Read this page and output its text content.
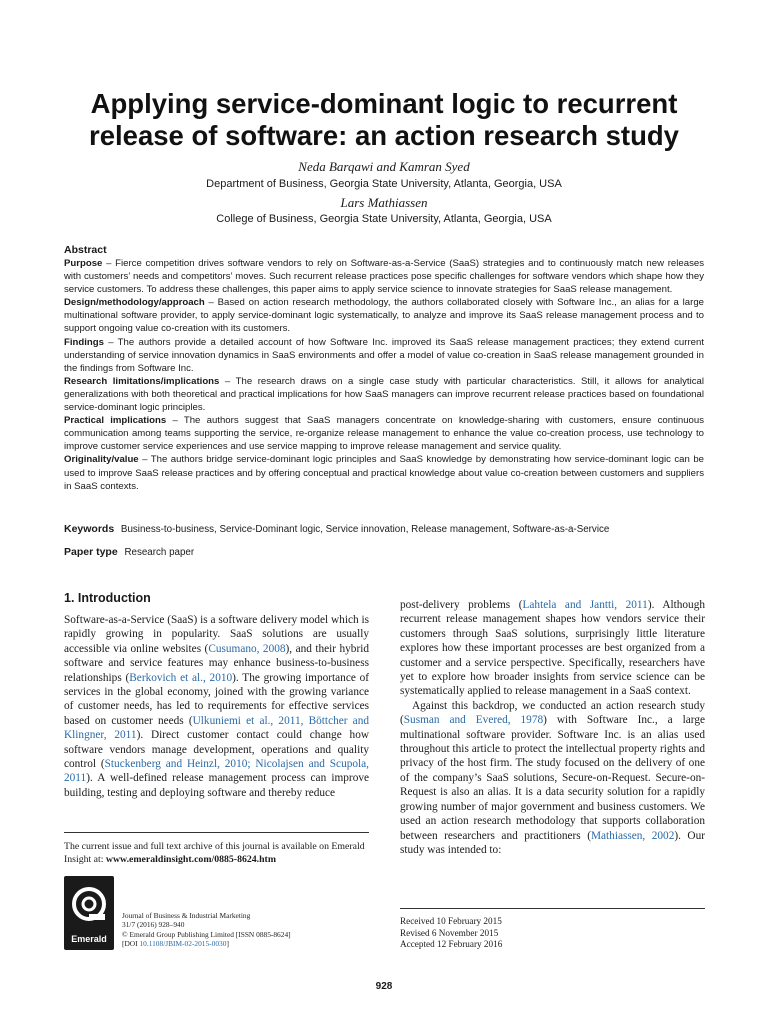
Applying service-dominant logic to recurrent
release of software: an action research study
Neda Barqawi and Kamran Syed
Department of Business, Georgia State University, Atlanta, Georgia, USA
Lars Mathiassen
College of Business, Georgia State University, Atlanta, Georgia, USA
Abstract

Purpose – Fierce competition drives software vendors to rely on Software-as-a-Service (SaaS) strategies and to continuously match new releases with customers’ needs and competitors’ moves. Such recurrent release practices pose specific challenges for software vendors which shape how they service customers. To address these challenges, this paper aims to apply service science to innovate strategies for SaaS release management.

Design/methodology/approach – Based on action research methodology, the authors collaborated closely with Software Inc., an alias for a large multinational software provider, to apply service-dominant logic systematically, to analyze and improve its SaaS release management process and to support ongoing value co-creation with its customers.

Findings – The authors provide a detailed account of how Software Inc. improved its SaaS release management practices; they extend current understanding of service innovation dynamics in SaaS environments and offer a model of value co-creation in SaaS release management grounded in the findings from Software Inc.

Research limitations/implications – The research draws on a single case study with particular characteristics. Still, it allows for analytical generalizations with both theoretical and practical implications for how SaaS managers can improve recurrent release practices based on foundational service-dominant logic principles.

Practical implications – The authors suggest that SaaS managers concentrate on knowledge-sharing with customers, ensure continuous communication among teams supporting the service, re-organize release management to enhance the value co-creation process, use technology to improve customer service experiences and use service mapping to improve release management and service quality.

Originality/value – The authors bridge service-dominant logic principles and SaaS knowledge by demonstrating how service-dominant logic can be used to improve SaaS release practices and by offering conceptual and practical knowledge about value co-creation between customers and suppliers in SaaS contexts.

Keywords Business-to-business, Service-Dominant logic, Service innovation, Release management, Software-as-a-Service
Paper type Research paper
1. Introduction

Software-as-a-Service (SaaS) is a software delivery model which is rapidly growing in popularity. SaaS solutions are usually accessible via online websites (Cusumano, 2008), and their hybrid software and service features may enhance business-to-business relationships (Berkovich et al., 2010). The growing importance of services in the global economy, joined with the growing variance of customer needs, has led to requirements for effective services based on customer needs (Ulkuniemi et al., 2011, Böttcher and Klingner, 2011). Direct customer contact could change how software vendors manage development, operations and quality control (Stuckenberg and Heinzl, 2010; Nicolajsen and Scupola, 2011). A well-defined release management process can improve building, testing and deploying software and thereby reduce

post-delivery problems (Lahtela and Jantti, 2011). Although recurrent release management shapes how vendors service their customers through SaaS solutions, surprisingly little literature explores how these important processes are best organized from a customer and a service perspective. Specifically, researchers have yet to explore how broader insights from service science can be systematically applied to release management in a SaaS context.

Against this backdrop, we conducted an action research study (Susman and Evered, 1978) with Software Inc., a large multinational software provider. Software Inc. is an alias used throughout this article to protect the intellectual property rights and privacy of the host firm. The study focused on the delivery of one of the company’s SaaS solutions, Secure-on-Request. Secure-on-Request is also an alias. It is a data security solution for a rapidly growing number of major government and business customers. We used an action research methodology that supports collaboration between researchers and practitioners (Mathiassen, 2002). Our study was intended to:

The current issue and full text archive of this journal is available on Emerald Insight at: www.emeraldinsight.com/0885-8624.htm
Emerald
Journal of Business & Industrial Marketing
31/7 (2016) 928–940
© Emerald Group Publishing Limited [ISSN 0885-8624]
[DOI 10.1108/JBIM-02-2015-0030]
Received 10 February 2015
Revised 6 November 2015
Accepted 12 February 2016
928
